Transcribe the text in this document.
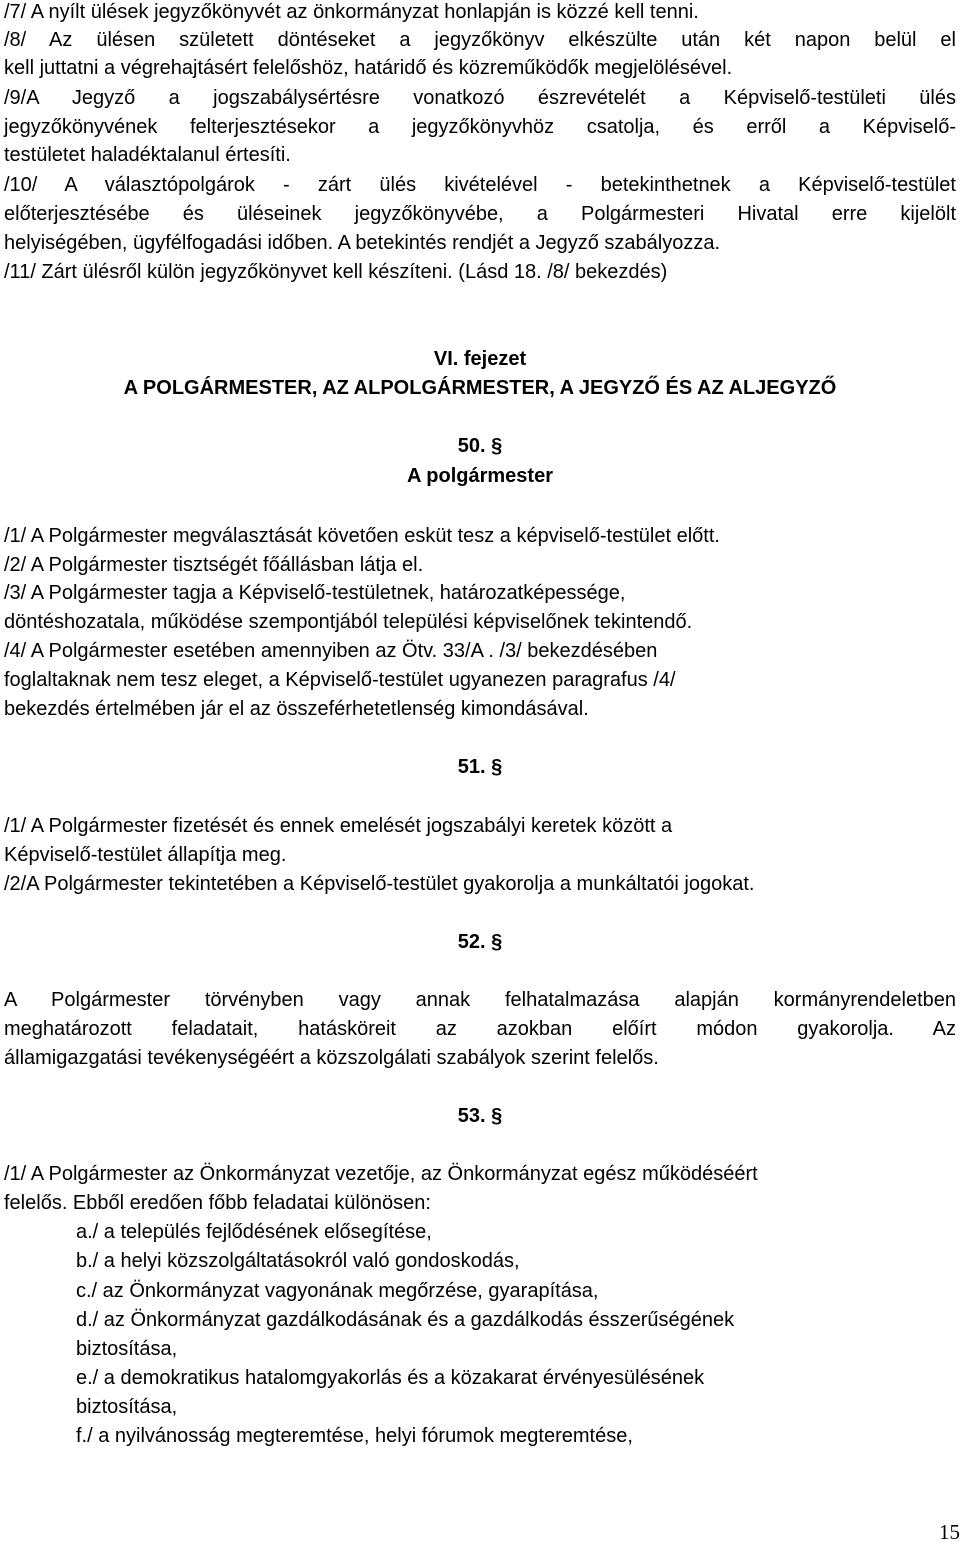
/7/ A nyílt ülések jegyzőkönyvét az önkormányzat honlapján is közzé kell tenni.
/8/ Az ülésen született döntéseket a jegyzőkönyv elkészülte után két napon belül el
kell juttatni a végrehajtásért felelőshöz, határidő és közreműködők megjelölésével.
/9/A Jegyző a jogszabálysértésre vonatkozó észrevételét a Képviselő-testületi ülés
jegyzőkönyvének felterjesztésekor a jegyzőkönyvhöz csatolja, és erről a Képviselő-
testületet haladéktalanul értesíti.
/10/ A választópolgárok - zárt ülés kivételével - betekinthetnek a Képviselő-testület
előterjesztésébe és üléseinek jegyzőkönyvébe, a Polgármesteri Hivatal erre kijelölt
helyiségében, ügyfélfogadási időben. A betekintés rendjét a Jegyző szabályozza.
/11/ Zárt ülésről külön jegyzőkönyvet kell készíteni. (Lásd 18. /8/ bekezdés)
VI. fejezet
A POLGÁRMESTER, AZ ALPOLGÁRMESTER, A JEGYZŐ ÉS AZ ALJEGYZŐ
50. §
A polgármester
/1/ A Polgármester megválasztását követően esküt tesz a képviselő-testület előtt.
/2/ A Polgármester tisztségét főállásban látja el.
/3/ A Polgármester tagja a Képviselő-testületnek, határozatképessége,
döntéshozatala, működése szempontjából települési képviselőnek tekintendő.
/4/ A Polgármester esetében amennyiben az Ötv. 33/A . /3/ bekezdésében
foglaltaknak nem tesz eleget, a Képviselő-testület ugyanezen paragrafus /4/
bekezdés értelmében jár el az összeférhetetlenség kimondásával.
51. §
/1/ A Polgármester fizetését és ennek emelését jogszabályi keretek között a
Képviselő-testület állapítja meg.
/2/A Polgármester tekintetében a Képviselő-testület gyakorolja a munkáltatói jogokat.
52. §
A Polgármester törvényben vagy annak felhatalmazása alapján kormányrendeletben
meghatározott feladatait, hatásköreit az azokban előírt módon gyakorolja. Az
államigazgatási tevékenységéért a közszolgálati szabályok szerint felelős.
53. §
/1/ A Polgármester az Önkormányzat vezetője, az Önkormányzat egész működéséért
felelős. Ebből eredően főbb feladatai különösen:
a./ a település fejlődésének elősegítése,
b./ a helyi közszolgáltatásokról való gondoskodás,
c./ az Önkormányzat vagyonának megőrzése, gyarapítása,
d./ az Önkormányzat gazdálkodásának és a gazdálkodás ésszerűségének
biztosítása,
e./ a demokratikus hatalomgyakorlás és a közakarat érvényesülésének
biztosítása,
f./ a nyilvánosság megteremtése, helyi fórumok megteremtése,
15
